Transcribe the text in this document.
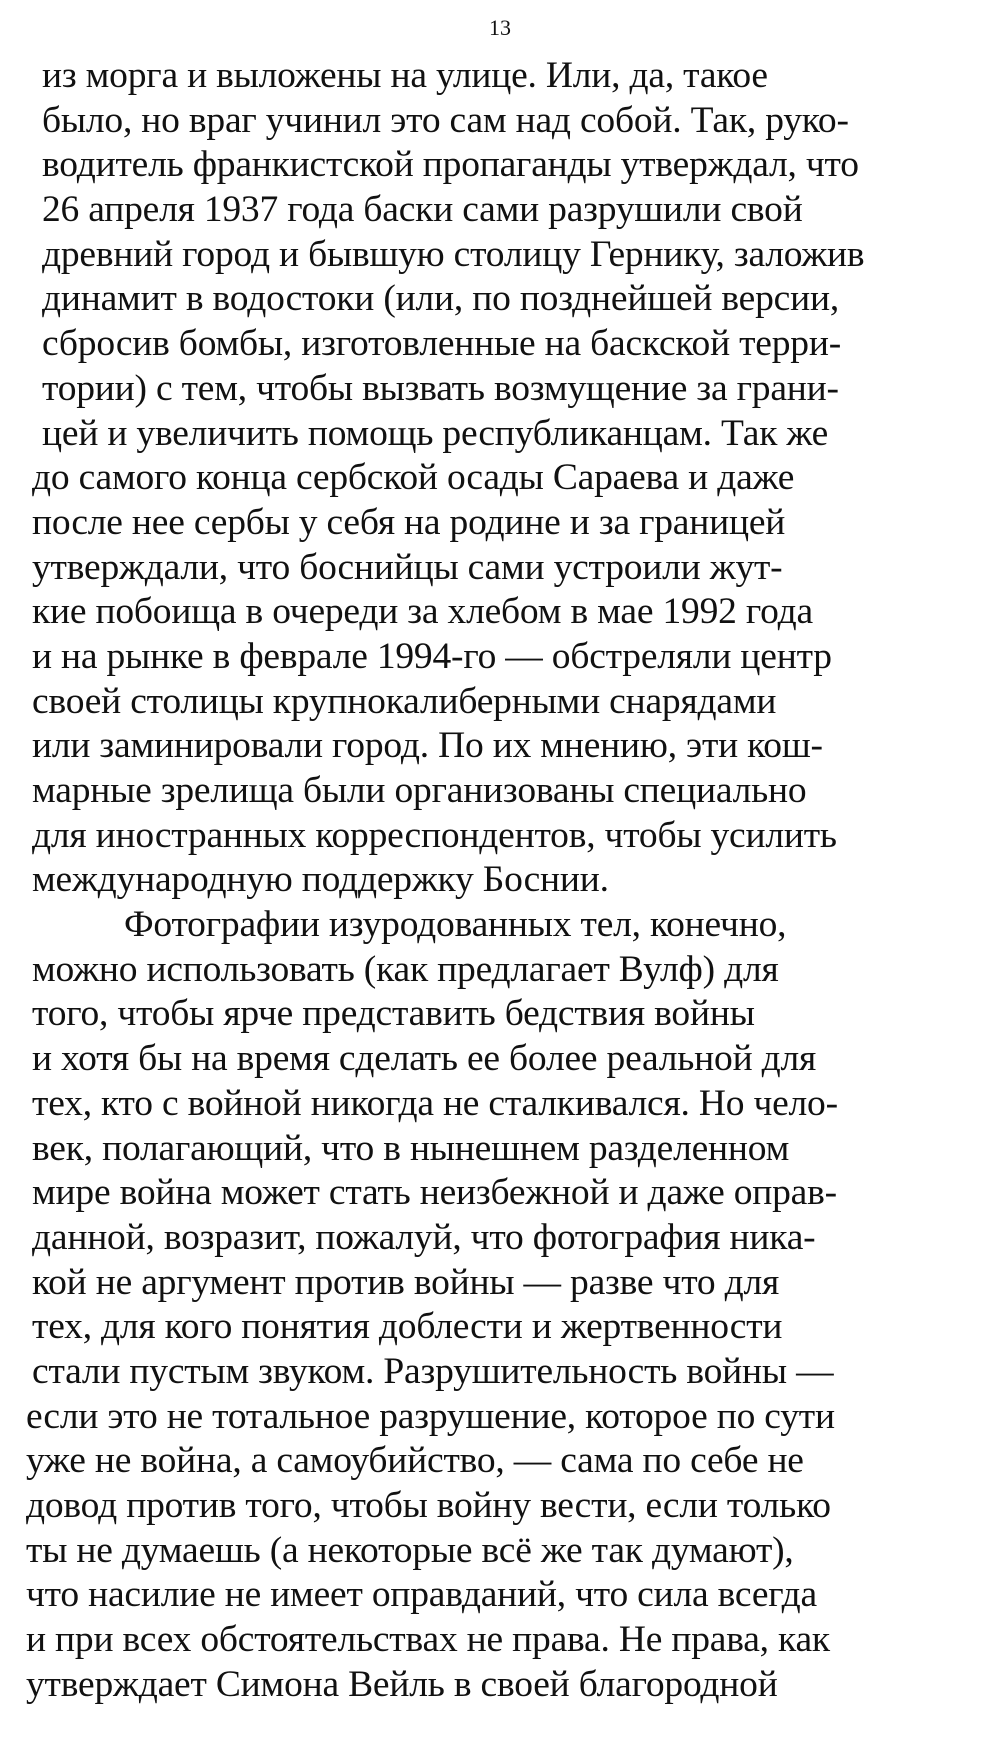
13
из морга и выложены на улице. Или, да, такое
было, но враг учинил это сам над собой. Так, руко-
водитель франкистской пропаганды утверждал, что
26 апреля 1937 года баски сами разрушили свой
древний город и бывшую столицу Гернику, заложив
динамит в водостоки (или, по позднейшей версии,
сбросив бомбы, изготовленные на баскской терри-
тории) с тем, чтобы вызвать возмущение за грани-
цей и увеличить помощь республиканцам. Так же
до самого конца сербской осады Сараева и даже
после нее сербы у себя на родине и за границей
утверждали, что боснийцы сами устроили жут-
кие побоища в очереди за хлебом в мае 1992 года
и на рынке в феврале 1994-го — обстреляли центр
своей столицы крупнокалиберными снарядами
или заминировали город. По их мнению, эти кош-
марные зрелища были организованы специально
для иностранных корреспондентов, чтобы усилить
международную поддержку Боснии.
Фотографии изуродованных тел, конечно,
можно использовать (как предлагает Вулф) для
того, чтобы ярче представить бедствия войны
и хотя бы на время сделать ее более реальной для
тех, кто с войной никогда не сталкивался. Но чело-
век, полагающий, что в нынешнем разделенном
мире война может стать неизбежной и даже оправ-
данной, возразит, пожалуй, что фотография ника-
кой не аргумент против войны — разве что для
тех, для кого понятия доблести и жертвенности
стали пустым звуком. Разрушительность войны —
если это не тотальное разрушение, которое по сути
уже не война, а самоубийство, — сама по себе не
довод против того, чтобы войну вести, если только
ты не думаешь (а некоторые всё же так думают),
что насилие не имеет оправданий, что сила всегда
и при всех обстоятельствах не права. Не права, как
утверждает Симона Вейль в своей благородной
